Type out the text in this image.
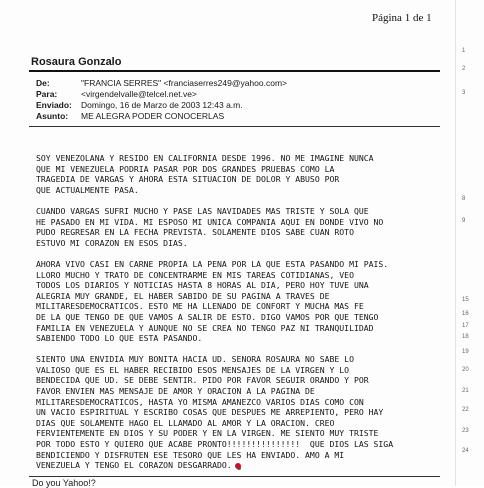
Página 1 de 1
Rosaura Gonzalo
De:	"FRANCIA SERRES" <franciaserres249@yahoo.com>
Para:	<virgendelvalle@telcel.net.ve>
Enviado:	Domingo, 16 de Marzo de 2003 12:43 a.m.
Asunto:	ME ALEGRA PODER CONOCERLAS
SOY VENEZOLANA Y RESIDO EN CALIFORNIA DESDE 1996. NO ME IMAGINE NUNCA
QUE MI VENEZUELA PODRIA PASAR POR DOS GRANDES PRUEBAS COMO LA
TRAGEDIA DE VARGAS Y AHORA ESTA SITUACION DE DOLOR Y ABUSO POR
QUE ACTUALMENTE PASA.
CUANDO VARGAS SUFRI MUCHO Y PASE LAS NAVIDADES MAS TRISTE Y SOLA QUE
HE PASADO EN MI VIDA. MI ESPOSO MI UNICA COMPANIA AQUI EN DONDE VIVO NO
PUDO REGRESAR EN LA FECHA PREVISTA. SOLAMENTE DIOS SABE CUAN ROTO
ESTUVO MI CORAZON EN ESOS DIAS.
AHORA VIVO CASI EN CARNE PROPIA LA PENA POR LA QUE ESTA PASANDO MI PAIS.
LLORO MUCHO Y TRATO DE CONCENTRARME EN MIS TAREAS COTIDIANAS, VEO
TODOS LOS DIARIOS Y NOTICIAS HASTA 8 HORAS AL DIA, PERO HOY TUVE UNA
ALEGRIA MUY GRANDE, EL HABER SABIDO DE SU PAGINA A TRAVES DE
MILITARESDEMOCRATICOS. ESTO ME HA LLENADO DE CONFORT Y MUCHA MAS FE
DE LA QUE TENGO DE QUE VAMOS A SALIR DE ESTO. DIGO VAMOS POR QUE TENGO
FAMILIA EN VENEZUELA Y AUNQUE NO SE CREA NO TENGO PAZ NI TRANQUILIDAD
SABIENDO TODO LO QUE ESTA PASANDO.
SIENTO UNA ENVIDIA MUY BONITA HACIA UD. SENORA ROSAURA NO SABE LO
VALIOSO QUE ES EL HABER RECIBIDO ESOS MENSAJES DE LA VIRGEN Y LO
BENDECIDA QUE UD. SE DEBE SENTIR. PIDO POR FAVOR SEGUIR ORANDO Y POR
FAVOR ENVIEN MAS MENSAJE DE AMOR Y ORACION A LA PAGINA DE
MILITARESDEMOCRATICOS, HASTA YO MISMA AMANEZCO VARIOS DIAS COMO CON
UN VACIO ESPIRITUAL Y ESCRIBO COSAS QUE DESPUES ME ARREPIENTO, PERO HAY
DIAS QUE SOLAMENTE HAGO EL LLAMADO AL AMOR Y LA ORACION. CREO
FERVIENTEMENTE EN DIOS Y SU PODER Y EN LA VIRGEN. ME SIENTO MUY TRISTE
POR TODO ESTO Y QUIERO QUE ACABE PRONTO!!!!!!!!!!!!!!!  QUE DIOS LAS SIGA
BENDICIENDO Y DISFRUTEN ESE TESORO QUE LES HA ENVIADO. AMO A MI
VENEZUELA Y TENGO EL CORAZON DESGARRADO.
Do you Yahoo!?
1
2
3
8
9
15
16
17
18
19
20
21
22
23
24
